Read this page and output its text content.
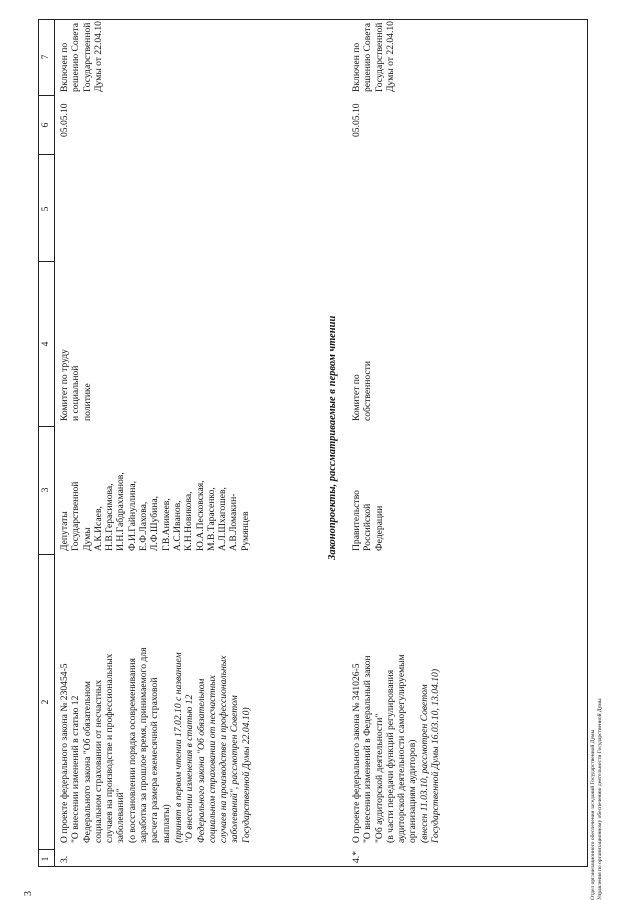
3
1
2
3
4
5
6
7
3.
О проекте федерального закона № 230454-5
"О внесении изменений в статью 12
Федерального закона "Об обязательном
социальном страховании от несчастных
случаев на производстве и профессиональных
заболеваний"
(о восстановлении порядка осовременивания
заработка за прошлое время, принимаемого для
расчета размера ежемесячной страховой
выплаты) (принят в первом чтении 17.02.10 с названием
"О внесении изменения в статью 12
Федерального закона "Об обязательном
социальном страховании от несчастных
случаев на производстве и профессиональных
заболеваний", рассмотрен Советом
Государственной Думы 22.04.10)
Депутаты
Государственной
Думы
А.К.Исаев,
Н.В.Герасимова,
И.Н.Габдрахманов,
Ф.И.Гайнуллина,
Е.Ф.Лахова,
Л.Ф.Шубина,
Г.В.Аникеев,
А.С.Иванов,
К.Н.Новикова,
Ю.А.Песковская,
М.В.Тарасенко,
А.Л.Шхагошев,
А.В.Ломакин-
Румянцев
Комитет по труду
и социальной
политике
05.05.10
Включен по
решению Совета
Государственной
Думы от 22.04.10
4.*
О проекте федерального закона № 341026-5
"О внесении изменений в Федеральный закон
"Об аудиторской деятельности"
(в части передачи функций регулирования
аудиторской деятельности саморегулируемым
организациям аудиторов)
(внесен 11.03.10, рассмотрен Советом
Государственной Думы 16.03.10, 13.04.10)
Правительство
Российской
Федерации
Комитет по
собственности
05.05.10
Включен по
решению Совета
Государственной
Думы от 22.04.10
Законопроекты, рассматриваемые в первом чтении
Отдел организационного обеспечения заседаний Государственной Думы
Управления по организационному обеспечению деятельности Государственной Думы
